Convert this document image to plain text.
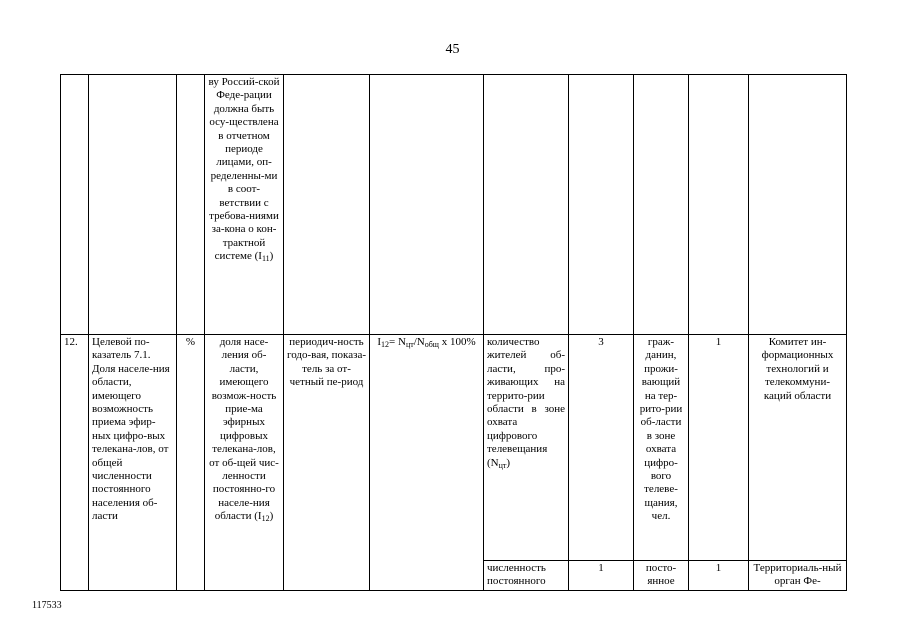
45
			ву Россий-ской Феде-рации должна быть осу-ществлена в отчетном периоде лицами, оп-ределенны-ми в соот-ветствии с требова-ниями за-кона о кон-трактной системе $(I_{11})$							
12.	Целевой по-казатель 7.1. Доля населе-ния области, имеющего возможность приема эфир-ных цифро-вых телекана-лов, от общей численности постоянного населения об-ласти	%	доля насе-ления об-ласти, имеющего возмож-ность прие-ма эфирных цифровых телекана-лов, от об-щей чис-ленности постоянно-го населе-ния области $(I_{12})$	периодич-ность годо-вая, показа-тель за от-четный пе-риод	$I_{12}= N_{цт}/N_{общ}$ x 100%	количество жителей об-ласти, про-живающих на террито-рии области в зоне охвата цифрового телевещания $(N_{цт})$	3	граж-данин, прожи-вающий на тер-рито-рии об-ласти в зоне охвата цифро-вого телеве-щания, чел.	1	Комитет ин-формационных технологий и телекоммуни-каций области
						численность постоянного	1	посто-янное	1	Территориаль-ный орган Фе-
117533
